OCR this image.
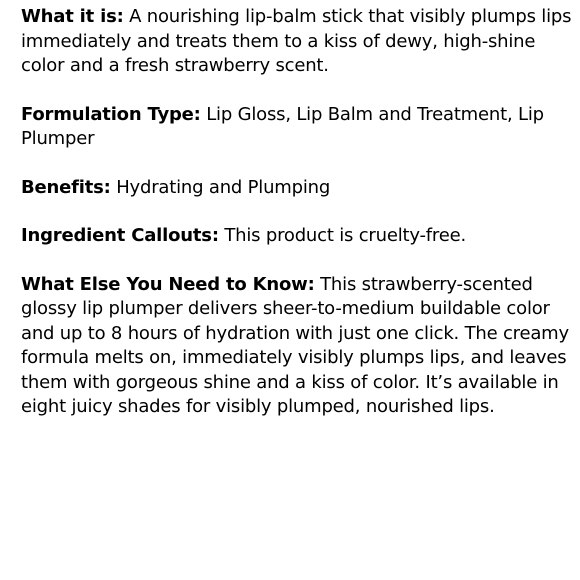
What it is: A nourishing lip-balm stick that visibly plumps lips immediately and treats them to a kiss of dewy, high-shine color and a fresh strawberry scent.

Formulation Type: Lip Gloss, Lip Balm and Treatment, Lip Plumper

Benefits: Hydrating and Plumping

Ingredient Callouts: This product is cruelty-free.

What Else You Need to Know: This strawberry-scented glossy lip plumper delivers sheer-to-medium buildable color and up to 8 hours of hydration with just one click. The creamy formula melts on, immediately visibly plumps lips, and leaves them with gorgeous shine and a kiss of color. It’s available in eight juicy shades for visibly plumped, nourished lips.
